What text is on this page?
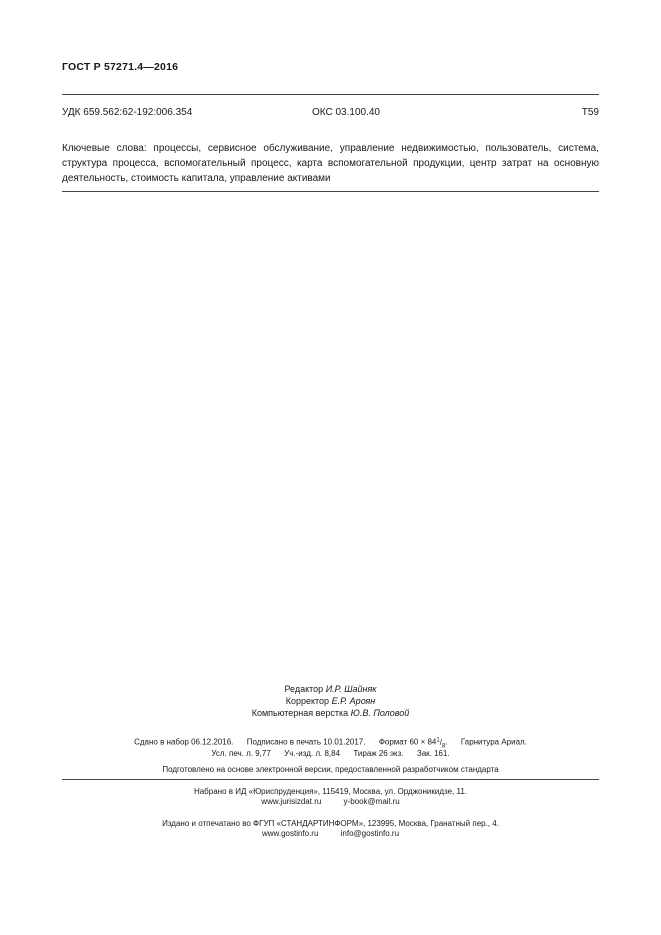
ГОСТ Р 57271.4—2016
УДК 659.562:62-192:006.354	ОКС 03.100.40	Т59
Ключевые слова: процессы, сервисное обслуживание, управление недвижимостью, пользователь, система, структура процесса, вспомогательный процесс, карта вспомогательной продукции, центр затрат на основную деятельность, стоимость капитала, управление активами
Редактор И.Р. Шайняк
Корректор Е.Р. Ароян
Компьютерная верстка Ю.В. Половой
Сдано в набор 06.12.2016.      Подписано в печать 10.01.2017.      Формат $60 \times 84^1/_8$.      Гарнитура Ариал.
Усл. печ. л. 9,77      Уч.-изд. л. 8,84      Тираж 26 экз.      Зак. 161.
Подготовлено на основе электронной версии, предоставленной разработчиком стандарта
Набрано в ИД «Юриспруденция», 115419, Москва, ул. Орджоникидзе, 11.
www.jurisizdat.ru          y-book@mail.ru
Издано и отпечатано во ФГУП «СТАНДАРТИНФОРМ», 123995, Москва, Гранатный пер., 4.
www.gostinfo.ru          info@gostinfo.ru
